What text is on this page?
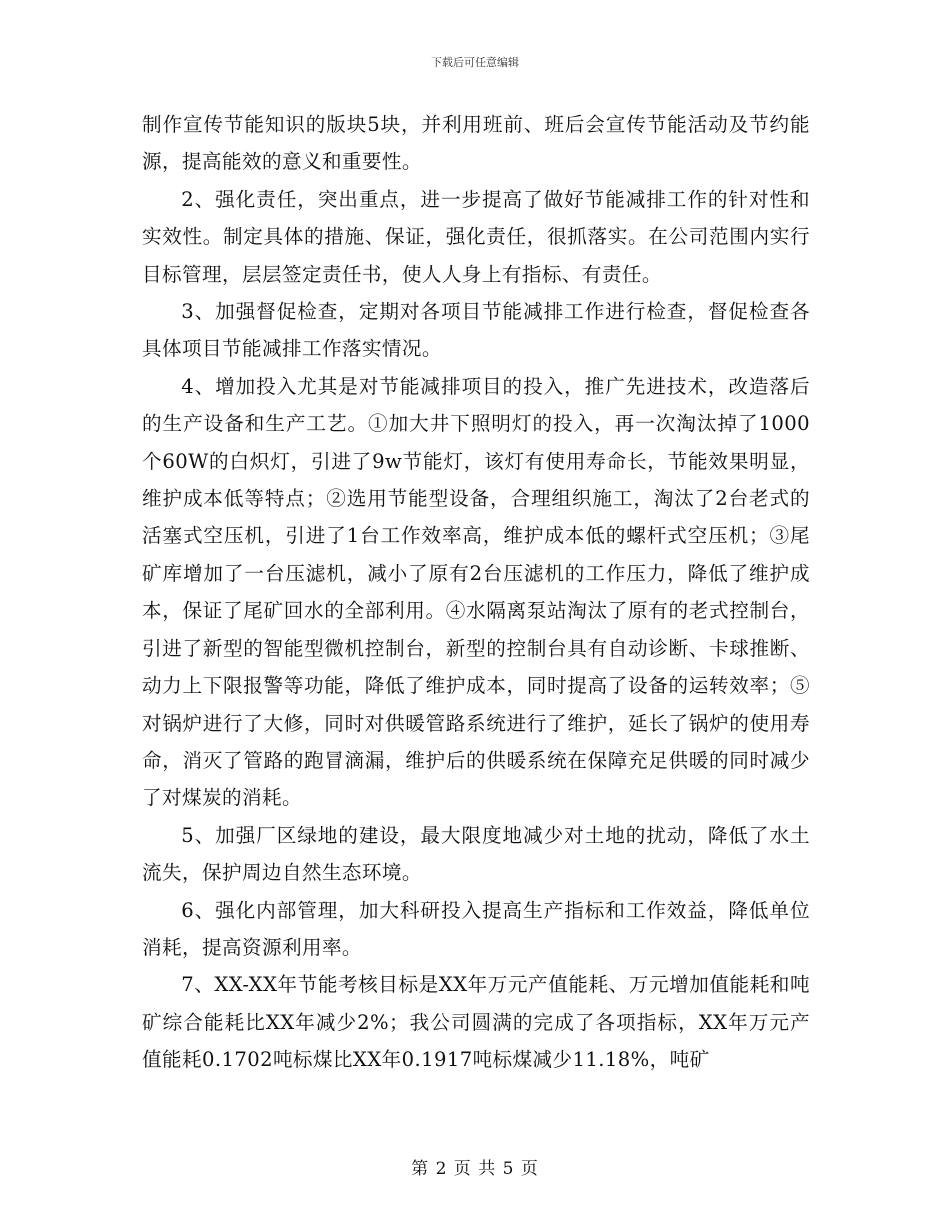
下载后可任意编辑

制作宣传节能知识的版块5块，并利用班前、班后会宣传节能活动及节约能源，提高能效的意义和重要性。

2、强化责任，突出重点，进一步提高了做好节能减排工作的针对性和实效性。制定具体的措施、保证，强化责任，很抓落实。在公司范围内实行目标管理，层层签定责任书，使人人身上有指标、有责任。

3、加强督促检查，定期对各项目节能减排工作进行检查，督促检查各具体项目节能减排工作落实情况。

4、增加投入尤其是对节能减排项目的投入，推广先进技术，改造落后的生产设备和生产工艺。①加大井下照明灯的投入，再一次淘汰掉了1000个60W的白炽灯，引进了9w节能灯，该灯有使用寿命长，节能效果明显，维护成本低等特点；②选用节能型设备，合理组织施工，淘汰了2台老式的活塞式空压机，引进了1台工作效率高，维护成本低的螺杆式空压机；③尾矿库增加了一台压滤机，减小了原有2台压滤机的工作压力，降低了维护成本，保证了尾矿回水的全部利用。④水隔离泵站淘汰了原有的老式控制台，引进了新型的智能型微机控制台，新型的控制台具有自动诊断、卡球推断、动力上下限报警等功能，降低了维护成本，同时提高了设备的运转效率；⑤对锅炉进行了大修，同时对供暖管路系统进行了维护，延长了锅炉的使用寿命，消灭了管路的跑冒滴漏，维护后的供暖系统在保障充足供暖的同时减少了对煤炭的消耗。

5、加强厂区绿地的建设，最大限度地减少对土地的扰动，降低了水土流失，保护周边自然生态环境。

6、强化内部管理，加大科研投入提高生产指标和工作效益，降低单位消耗，提高资源利用率。

7、XX-XX年节能考核目标是XX年万元产值能耗、万元增加值能耗和吨矿综合能耗比XX年减少2%；我公司圆满的完成了各项指标，XX年万元产值能耗0.1702吨标煤比XX年0.1917吨标煤减少11.18%，吨矿

第 2 页 共 5 页
